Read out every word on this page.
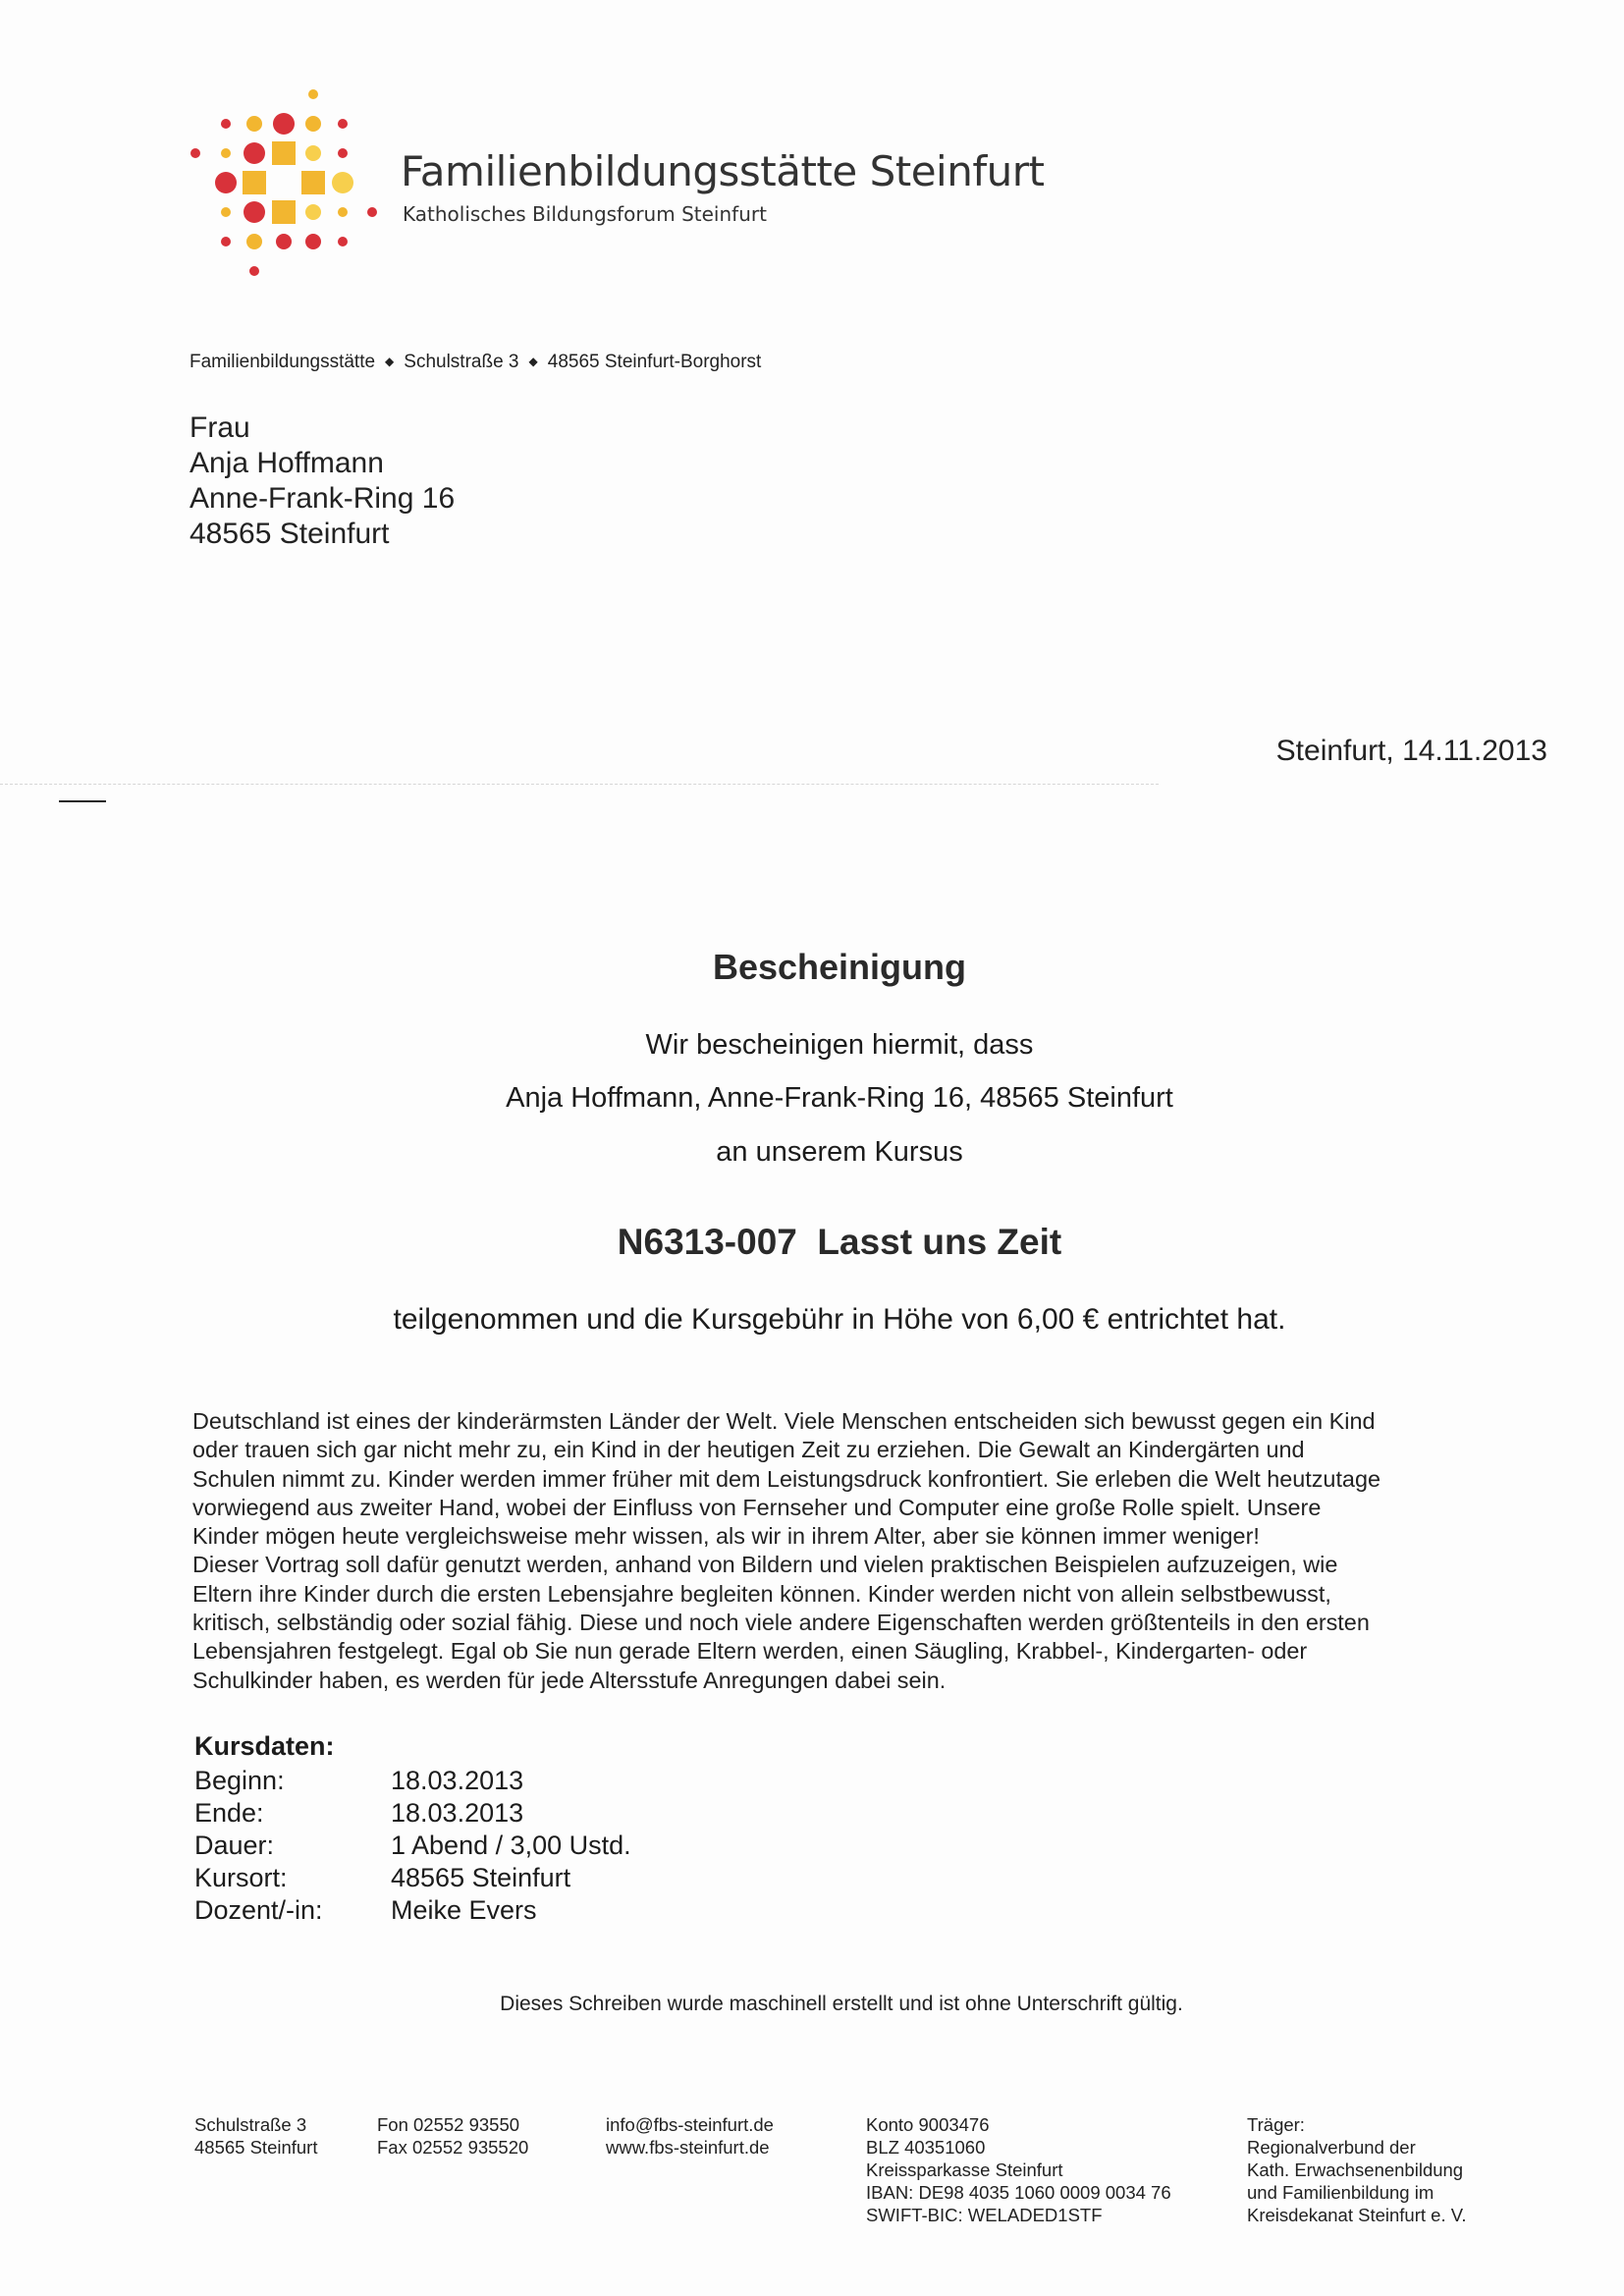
Familienbildungsstätte Steinfurt
Katholisches Bildungsforum Steinfurt
Familienbildungsstätte ◆ Schulstraße 3 ◆ 48565 Steinfurt-Borghorst
Frau
Anja Hoffmann
Anne-Frank-Ring 16
48565 Steinfurt
Steinfurt, 14.11.2013
Bescheinigung
Wir bescheinigen hiermit, dass
Anja Hoffmann, Anne-Frank-Ring 16, 48565 Steinfurt
an unserem Kursus
N6313-007  Lasst uns Zeit
teilgenommen und die Kursgebühr in Höhe von 6,00 € entrichtet hat.

Deutschland ist eines der kinderärmsten Länder der Welt. Viele Menschen entscheiden sich bewusst gegen ein Kind

oder trauen sich gar nicht mehr zu, ein Kind in der heutigen Zeit zu erziehen. Die Gewalt an Kindergärten und

Schulen nimmt zu. Kinder werden immer früher mit dem Leistungsdruck konfrontiert. Sie erleben die Welt heutzutage

vorwiegend aus zweiter Hand, wobei der Einfluss von Fernseher und Computer eine große Rolle spielt. Unsere

Kinder mögen heute vergleichsweise mehr wissen, als wir in ihrem Alter, aber sie können immer weniger!

Dieser Vortrag soll dafür genutzt werden, anhand von Bildern und vielen praktischen Beispielen aufzuzeigen, wie

Eltern ihre Kinder durch die ersten Lebensjahre begleiten können. Kinder werden nicht von allein selbstbewusst,

kritisch, selbständig oder sozial fähig. Diese und noch viele andere Eigenschaften werden größtenteils in den ersten

Lebensjahren festgelegt. Egal ob Sie nun gerade Eltern werden, einen Säugling, Krabbel-, Kindergarten- oder

Schulkinder haben, es werden für jede Altersstufe Anregungen dabei sein.

Kursdaten:
Beginn:	18.03.2013
Ende:	18.03.2013
Dauer:	1 Abend / 3,00 Ustd.
Kursort:	48565 Steinfurt
Dozent/-in:	Meike Evers
Dieses Schreiben wurde maschinell erstellt und ist ohne Unterschrift gültig.
Schulstraße 3
48565 Steinfurt
Fon 02552 93550
Fax 02552 935520
info@fbs-steinfurt.de
www.fbs-steinfurt.de
Konto 9003476
BLZ 40351060
Kreissparkasse Steinfurt
IBAN: DE98 4035 1060 0009 0034 76
SWIFT-BIC: WELADED1STF
Träger:
Regionalverbund der
Kath. Erwachsenenbildung
und Familienbildung im
Kreisdekanat Steinfurt e. V.
